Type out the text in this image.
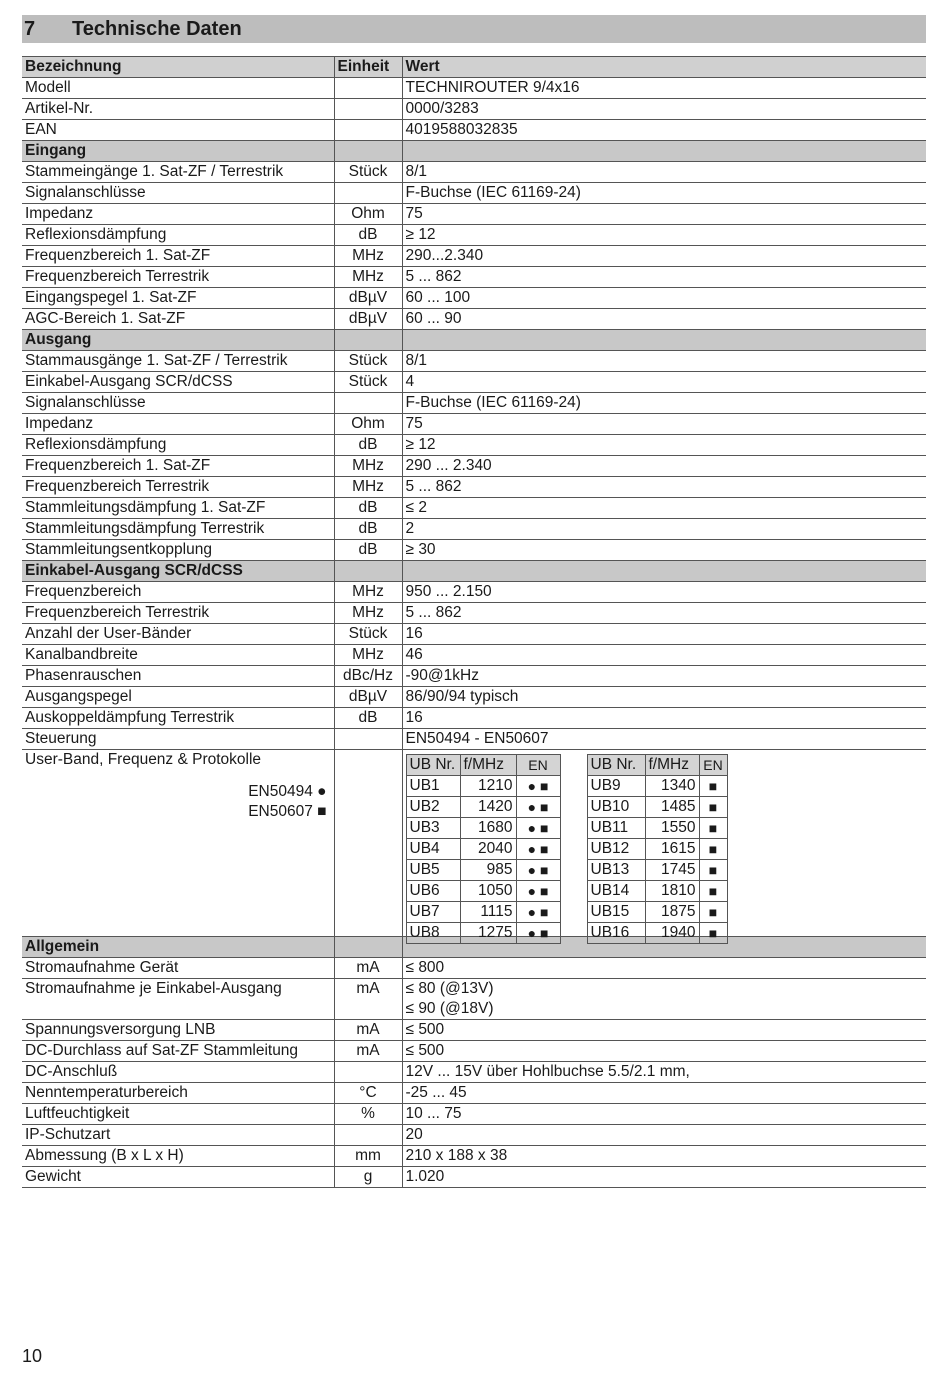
7	Technische Daten
Bezeichnung	Einheit	Wert
Modell		TECHNIROUTER 9/4x16
Artikel-Nr.		0000/3283
EAN		4019588032835
Eingang		
Stammeingänge 1. Sat-ZF / Terrestrik	Stück	8/1
Signalanschlüsse		F-Buchse (IEC 61169-24)
Impedanz	Ohm	75
Reflexionsdämpfung	dB	≥ 12
Frequenzbereich 1. Sat-ZF	MHz	290...2.340
Frequenzbereich Terrestrik	MHz	5 ... 862
Eingangspegel 1. Sat-ZF	dBµV	60 ... 100
AGC-Bereich 1. Sat-ZF	dBµV	60 ... 90
Ausgang		
Stammausgänge 1. Sat-ZF / Terrestrik	Stück	8/1
Einkabel-Ausgang SCR/dCSS	Stück	4
Signalanschlüsse		F-Buchse (IEC 61169-24)
Impedanz	Ohm	75
Reflexionsdämpfung	dB	≥ 12
Frequenzbereich 1. Sat-ZF	MHz	290 ... 2.340
Frequenzbereich Terrestrik	MHz	5 ... 862
Stammleitungsdämpfung 1. Sat-ZF	dB	≤ 2
Stammleitungsdämpfung Terrestrik	dB	2
Stammleitungsentkopplung	dB	≥ 30
Einkabel-Ausgang SCR/dCSS		
Frequenzbereich	MHz	950 ... 2.150
Frequenzbereich Terrestrik	MHz	5 ... 862
Anzahl der User-Bänder	Stück	16
Kanalbandbreite	MHz	46
Phasenrauschen	dBc/Hz	-90@1kHz
Ausgangspegel	dBµV	86/90/94 typisch
Auskoppeldämpfung Terrestrik	dB	16
Steuerung		EN50494 - EN50607

User-Band, Frequenz & Protokolle
EN50494 ●
EN50607 ■

UB Nr.	f/MHz	EN
UB1	1210	● ■
UB2	1420	● ■
UB3	1680	● ■
UB4	2040	● ■
UB5	985	● ■
UB6	1050	● ■
UB7	1115	● ■
UB8	1275	● ■
UB Nr.	f/MHz	EN
UB9	1340	■
UB10	1485	■
UB11	1550	■
UB12	1615	■
UB13	1745	■
UB14	1810	■
UB15	1875	■
UB16	1940	■

Allgemein		
Stromaufnahme Gerät	mA	≤ 800
Stromaufnahme je Einkabel-Ausgang	mA	≤ 80 (@13V)
≤ 90 (@18V)

Spannungsversorgung LNB	mA	≤ 500
DC-Durchlass auf Sat-ZF Stammleitung	mA	≤ 500
DC-Anschluß		12V ... 15V über Hohlbuchse 5.5/2.1 mm,
Nenntemperaturbereich	°C	-25 ... 45
Luftfeuchtigkeit	%	10 ... 75
IP-Schutzart		20
Abmessung (B x L x H)	mm	210 x 188 x 38
Gewicht	g	1.020
10
